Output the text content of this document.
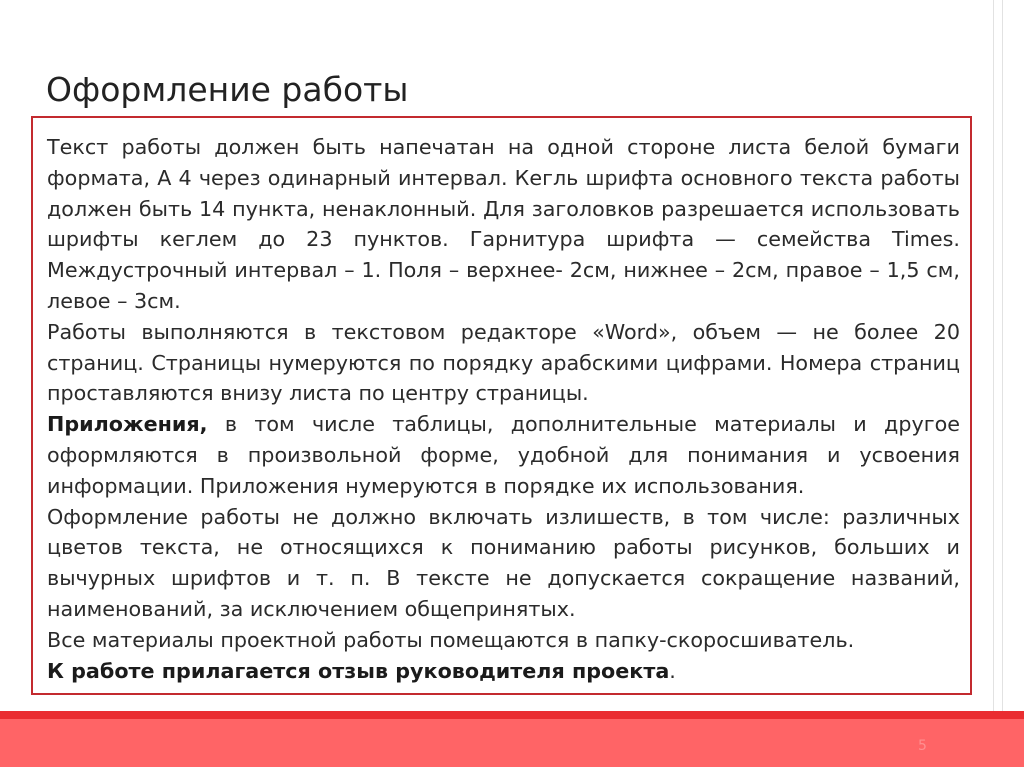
Оформление работы

Текст работы должен быть напечатан на одной стороне листа белой бумаги формата, А 4 через одинарный интервал. Кегль шрифта основного текста работы должен быть 14 пункта, ненаклонный. Для заголовков разрешается использовать шрифты кеглем до 23 пунктов. Гарнитура шрифта — семейства Times. Междустрочный интервал – 1. Поля – верхнее- 2см, нижнее – 2см, правое – 1,5 см, левое – 3см.

Работы выполняются в текстовом редакторе «Word», объем — не более 20 страниц. Страницы нумеруются по порядку арабскими цифрами. Номера страниц проставляются внизу листа по центру страницы.

Приложения, в том числе таблицы, дополнительные материалы и другое оформляются в произвольной форме, удобной для понимания и усвоения информации. Приложения нумеруются в порядке их использования.

Оформление работы не должно включать излишеств, в том числе: различных цветов текста, не относящихся к пониманию работы рисунков, больших и вычурных шрифтов и т. п. В тексте не допускается сокращение названий, наименований, за исключением общепринятых.

Все материалы проектной работы помещаются в папку-скоросшиватель.

К работе прилагается отзыв руководителя проекта.

5
